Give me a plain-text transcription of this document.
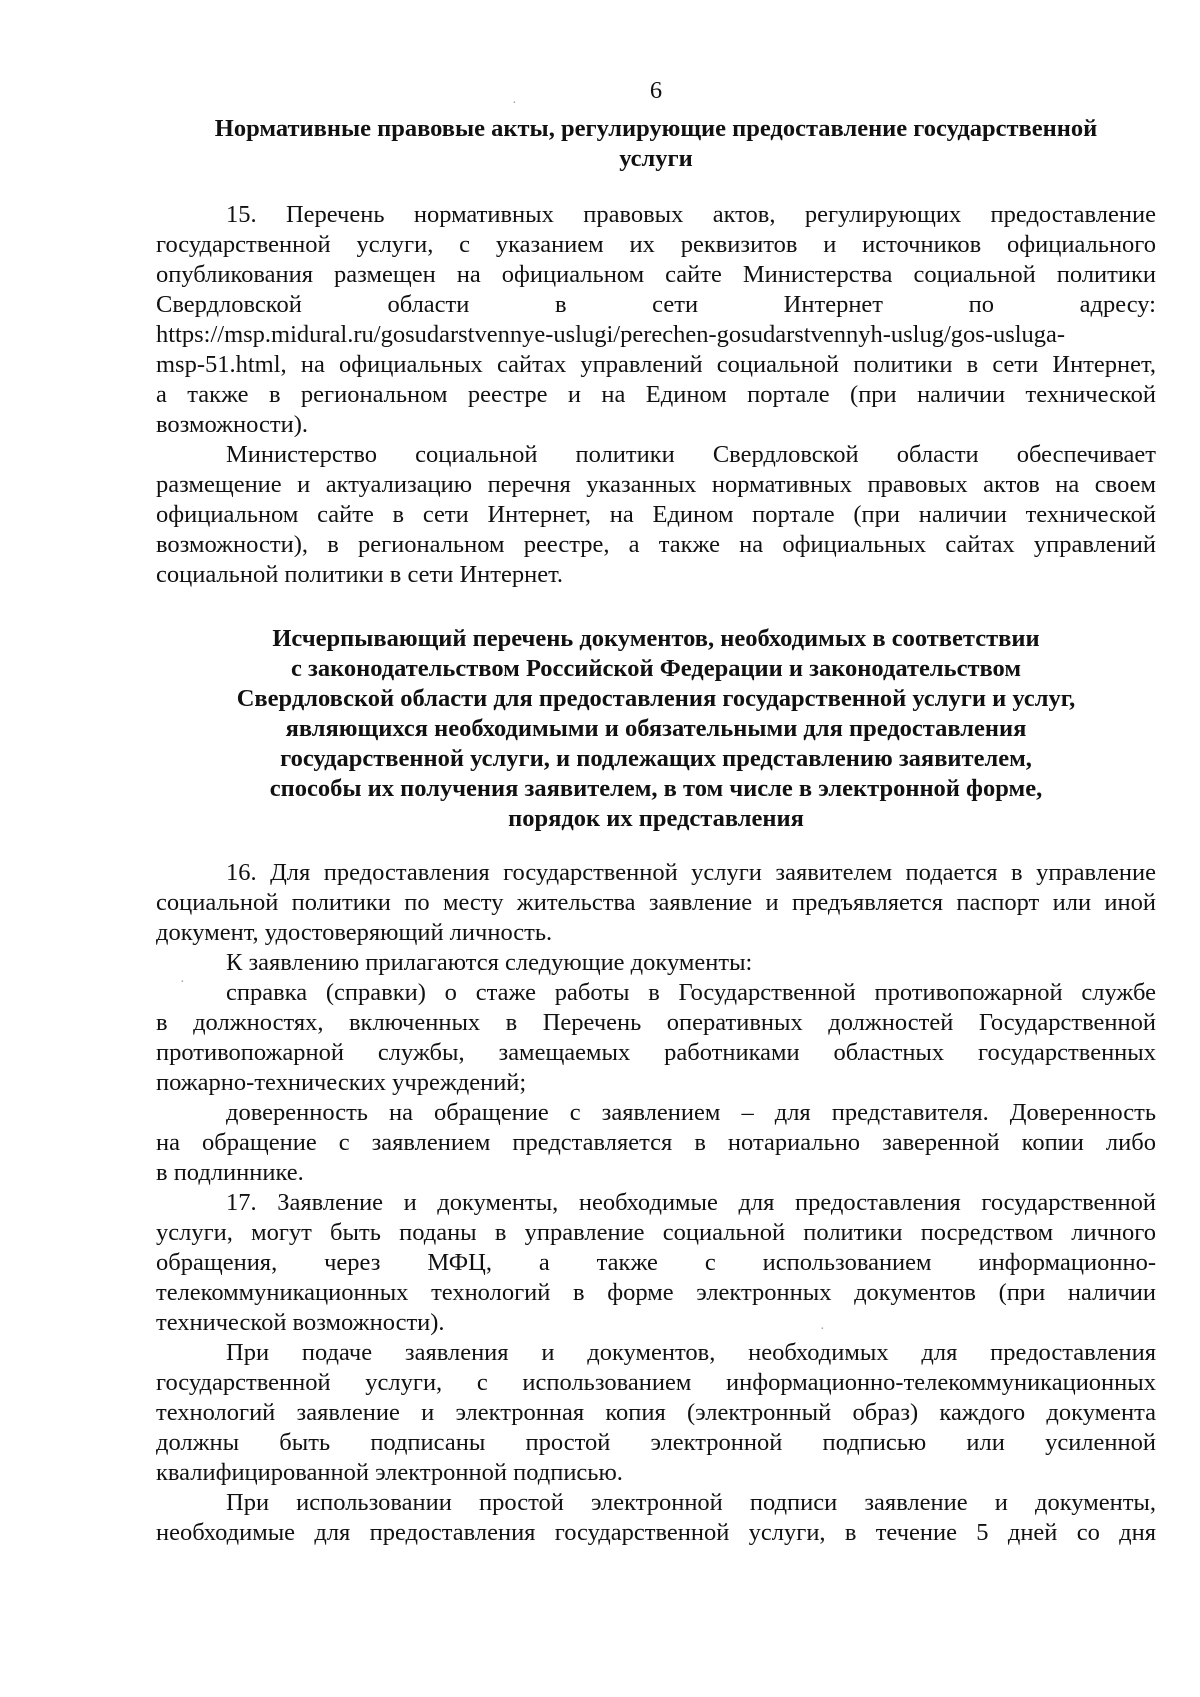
6
Нормативные правовые акты, регулирующие предоставление государственной
услуги
15. Перечень нормативных правовых актов, регулирующих предоставление
государственной услуги, с указанием их реквизитов и источников официального
опубликования размещен на официальном сайте Министерства социальной политики
Свердловской области в сети Интернет по адресу:
https://msp.midural.ru/gosudarstvennye-uslugi/perechen-gosudarstvennyh-uslug/gos-usluga-
msp-51.html, на официальных сайтах управлений социальной политики в сети Интернет,
а также в региональном реестре и на Едином портале (при наличии технической
возможности).
Министерство социальной политики Свердловской области обеспечивает
размещение и актуализацию перечня указанных нормативных правовых актов на своем
официальном сайте в сети Интернет, на Едином портале (при наличии технической
возможности), в региональном реестре, а также на официальных сайтах управлений
социальной политики в сети Интернет.
Исчерпывающий перечень документов, необходимых в соответствии
с законодательством Российской Федерации и законодательством
Свердловской области для предоставления государственной услуги и услуг,
являющихся необходимыми и обязательными для предоставления
государственной услуги, и подлежащих представлению заявителем,
способы их получения заявителем, в том числе в электронной форме,
порядок их представления
16. Для предоставления государственной услуги заявителем подается в управление
социальной политики по месту жительства заявление и предъявляется паспорт или иной
документ, удостоверяющий личность.
К заявлению прилагаются следующие документы:
справка (справки) о стаже работы в Государственной противопожарной службе
в должностях, включенных в Перечень оперативных должностей Государственной
противопожарной службы, замещаемых работниками областных государственных
пожарно-технических учреждений;
доверенность на обращение с заявлением – для представителя. Доверенность
на обращение с заявлением представляется в нотариально заверенной копии либо
в подлиннике.
17. Заявление и документы, необходимые для предоставления государственной
услуги, могут быть поданы в управление социальной политики посредством личного
обращения, через МФЦ, а также с использованием информационно-
телекоммуникационных технологий в форме электронных документов (при наличии
технической возможности).
При подаче заявления и документов, необходимых для предоставления
государственной услуги, с использованием информационно-телекоммуникационных
технологий заявление и электронная копия (электронный образ) каждого документа
должны быть подписаны простой электронной подписью или усиленной
квалифицированной электронной подписью.
При использовании простой электронной подписи заявление и документы,
необходимые для предоставления государственной услуги, в течение 5 дней со дня
·
·
·
